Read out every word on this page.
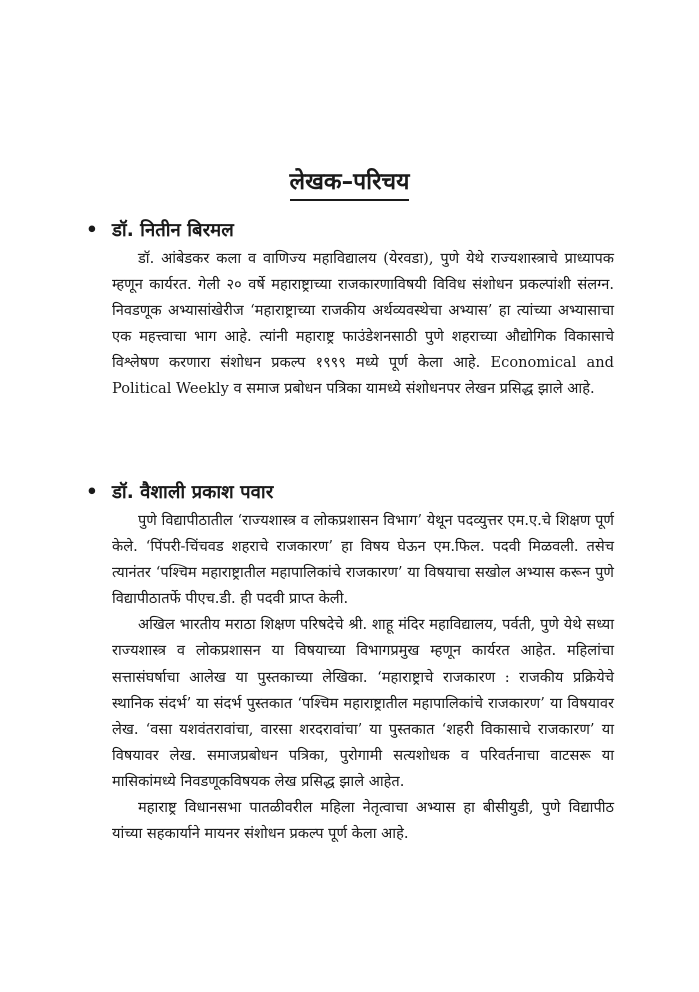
लेखक–परिचय

• डॉ. नितीन बिरमल

डॉ. आंबेडकर कला व वाणिज्य महाविद्यालय (येरवडा), पुणे येथे राज्यशास्त्राचे प्राध्यापक म्हणून कार्यरत. गेली २० वर्षे महाराष्ट्राच्या राजकारणाविषयी विविध संशोधन प्रकल्पांशी संलग्न. निवडणूक अभ्यासांखेरीज ‘महाराष्ट्राच्या राजकीय अर्थव्यवस्थेचा अभ्यास’ हा त्यांच्या अभ्यासाचा एक महत्त्वाचा भाग आहे. त्यांनी महाराष्ट्र फाउंडेशनसाठी पुणे शहराच्या औद्योगिक विकासाचे विश्लेषण करणारा संशोधन प्रकल्प १९९९ मध्ये पूर्ण केला आहे. Economical and Political Weekly व समाज प्रबोधन पत्रिका यामध्ये संशोधनपर लेखन प्रसिद्ध झाले आहे.

• डॉ. वैशाली प्रकाश पवार

पुणे विद्यापीठातील ‘राज्यशास्त्र व लोकप्रशासन विभाग’ येथून पदव्युत्तर एम.ए.चे शिक्षण पूर्ण केले. ‘पिंपरी-चिंचवड शहराचे राजकारण’ हा विषय घेऊन एम.फिल. पदवी मिळवली. तसेच त्यानंतर ‘पश्चिम महाराष्ट्रातील महापालिकांचे राजकारण’ या विषयाचा सखोल अभ्यास करून पुणे विद्यापीठातर्फे पीएच.डी. ही पदवी प्राप्त केली.

अखिल भारतीय मराठा शिक्षण परिषदेचे श्री. शाहू मंदिर महाविद्यालय, पर्वती, पुणे येथे सध्या राज्यशास्त्र व लोकप्रशासन या विषयाच्या विभागप्रमुख म्हणून कार्यरत आहेत. महिलांचा सत्तासंघर्षाचा आलेख या पुस्तकाच्या लेखिका. ‘महाराष्ट्राचे राजकारण : राजकीय प्रक्रियेचे स्थानिक संदर्भ’ या संदर्भ पुस्तकात ‘पश्चिम महाराष्ट्रातील महापालिकांचे राजकारण’ या विषयावर लेख. ‘वसा यशवंतरावांचा, वारसा शरदरावांचा’ या पुस्तकात ‘शहरी विकासाचे राजकारण’ या विषयावर लेख. समाजप्रबोधन पत्रिका, पुरोगामी सत्यशोधक व परिवर्तनाचा वाटसरू या मासिकांमध्ये निवडणूकविषयक लेख प्रसिद्ध झाले आहेत.

महाराष्ट्र विधानसभा पातळीवरील महिला नेतृत्वाचा अभ्यास हा बीसीयुडी, पुणे विद्यापीठ यांच्या सहकार्याने मायनर संशोधन प्रकल्प पूर्ण केला आहे.
